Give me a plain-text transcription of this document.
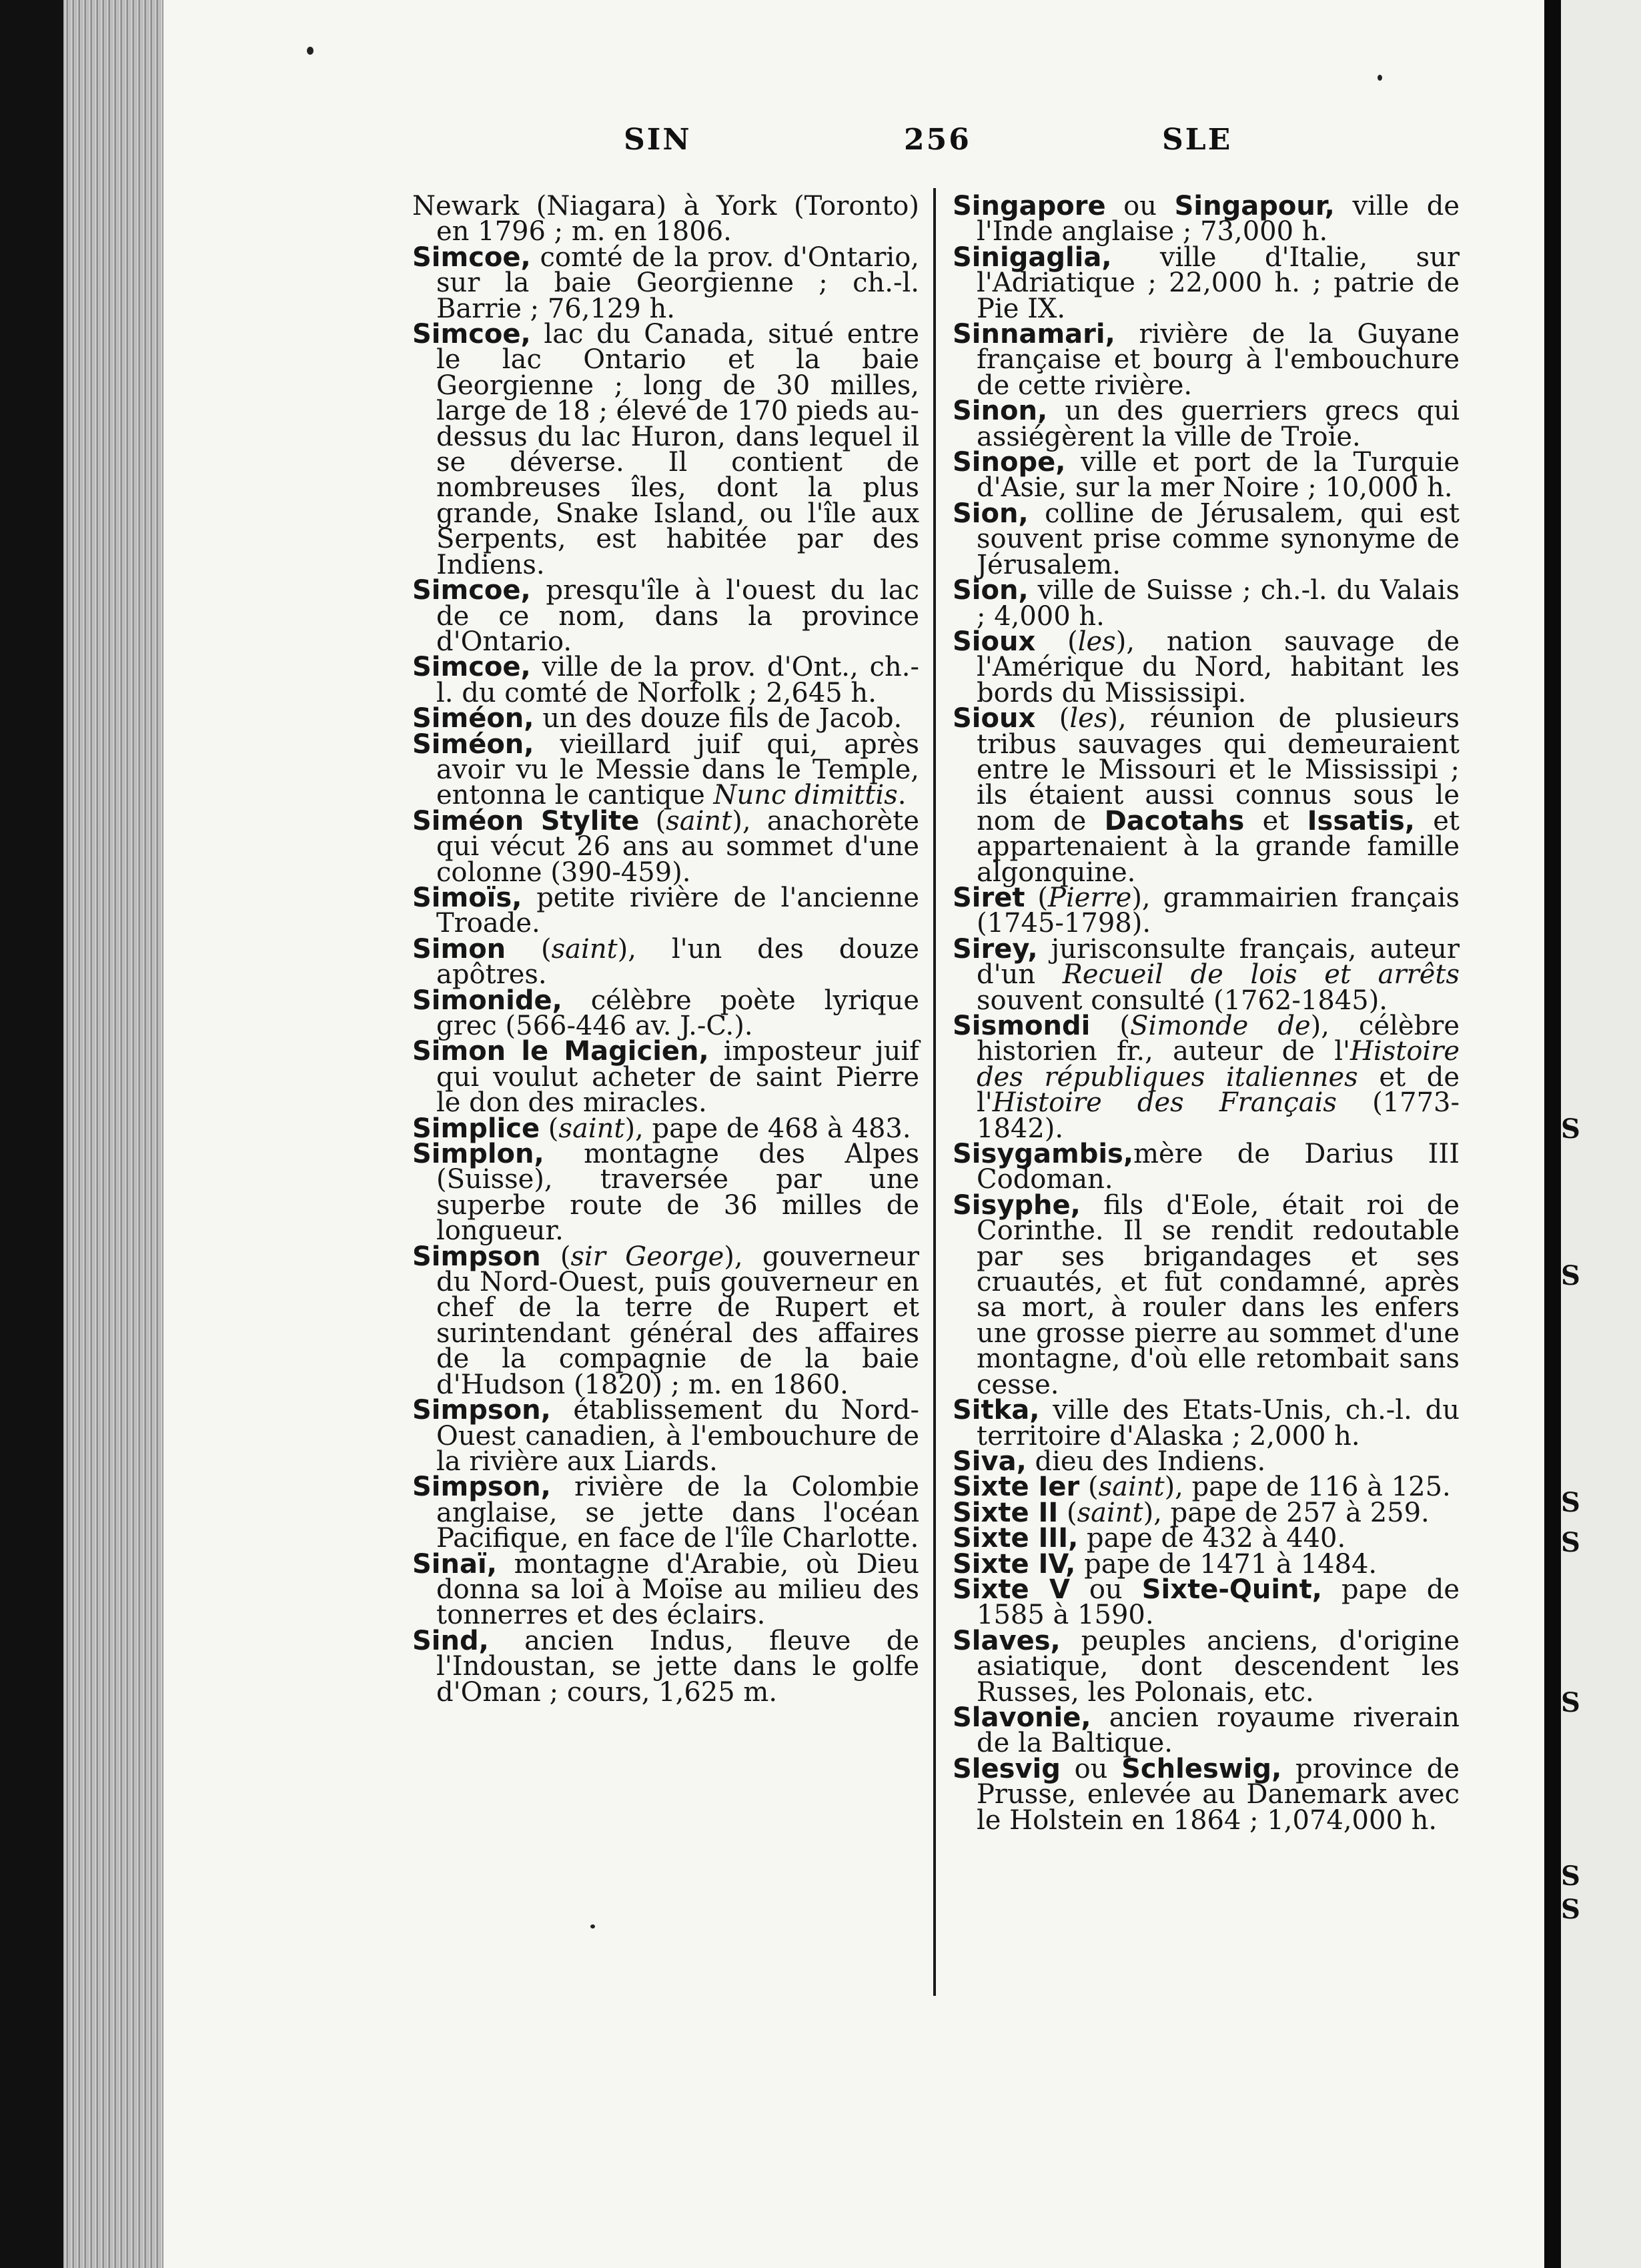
SIN	256	SLE

Newark (Niagara) à York (Toronto) en 1796 ; m. en 1806.

Simcoe, comté de la prov. d'Ontario, sur la baie Georgienne ; ch.-l. Barrie ; 76,129 h.

Simcoe, lac du Canada, situé entre le lac Ontario et la baie Georgienne ; long de 30 milles, large de 18 ; élevé de 170 pieds au-dessus du lac Huron, dans lequel il se déverse. Il contient de nombreuses îles, dont la plus grande, Snake Island, ou l'île aux Serpents, est habitée par des Indiens.

Simcoe, presqu'île à l'ouest du lac de ce nom, dans la province d'Ontario.

Simcoe, ville de la prov. d'Ont., ch.-l. du comté de Norfolk ; 2,645 h.

Siméon, un des douze fils de Jacob.

Siméon, vieillard juif qui, après avoir vu le Messie dans le Temple, entonna le cantique Nunc dimittis.

Siméon Stylite (saint), anachorète qui vécut 26 ans au sommet d'une colonne (390-459).

Simoïs, petite rivière de l'ancienne Troade.

Simon (saint), l'un des douze apôtres.

Simonide, célèbre poète lyrique grec (566-446 av. J.-C.).

Simon le Magicien, imposteur juif qui voulut acheter de saint Pierre le don des miracles.

Simplice (saint), pape de 468 à 483.

Simplon, montagne des Alpes (Suisse), traversée par une superbe route de 36 milles de longueur.

Simpson (sir George), gouverneur du Nord-Ouest, puis gouverneur en chef de la terre de Rupert et surintendant général des affaires de la compagnie de la baie d'Hudson (1820) ; m. en 1860.

Simpson, établissement du Nord-Ouest canadien, à l'embouchure de la rivière aux Liards.

Simpson, rivière de la Colombie anglaise, se jette dans l'océan Pacifique, en face de l'île Charlotte.

Sinaï, montagne d'Arabie, où Dieu donna sa loi à Moïse au milieu des tonnerres et des éclairs.

Sind, ancien Indus, fleuve de l'Indoustan, se jette dans le golfe d'Oman ; cours, 1,625 m.

Singapore ou Singapour, ville de l'Inde anglaise ; 73,000 h.

Sinigaglia, ville d'Italie, sur l'Adriatique ; 22,000 h. ; patrie de Pie IX.

Sinnamari, rivière de la Guyane française et bourg à l'embouchure de cette rivière.

Sinon, un des guerriers grecs qui assiégèrent la ville de Troie.

Sinope, ville et port de la Turquie d'Asie, sur la mer Noire ; 10,000 h.

Sion, colline de Jérusalem, qui est souvent prise comme synonyme de Jérusalem.

Sion, ville de Suisse ; ch.-l. du Valais ; 4,000 h.

Sioux (les), nation sauvage de l'Amérique du Nord, habitant les bords du Mississipi.

Sioux (les), réunion de plusieurs tribus sauvages qui demeuraient entre le Missouri et le Mississipi ; ils étaient aussi connus sous le nom de Dacotahs et Issatis, et appartenaient à la grande famille algonquine.

Siret (Pierre), grammairien français (1745-1798).

Sirey, jurisconsulte français, auteur d'un Recueil de lois et arrêts souvent consulté (1762-1845).

Sismondi (Simonde de), célèbre historien fr., auteur de l'Histoire des républiques italiennes et de l'Histoire des Français (1773-1842).

Sisygambis,mère de Darius III Codoman.

Sisyphe, fils d'Eole, était roi de Corinthe. Il se rendit redoutable par ses brigandages et ses cruautés, et fut condamné, après sa mort, à rouler dans les enfers une grosse pierre au sommet d'une montagne, d'où elle retombait sans cesse.

Sitka, ville des Etats-Unis, ch.-l. du territoire d'Alaska ; 2,000 h.

Siva, dieu des Indiens.

Sixte Ier (saint), pape de 116 à 125.

Sixte II (saint), pape de 257 à 259.

Sixte III, pape de 432 à 440.

Sixte IV, pape de 1471 à 1484.

Sixte V ou Sixte-Quint, pape de 1585 à 1590.

Slaves, peuples anciens, d'origine asiatique, dont descendent les Russes, les Polonais, etc.

Slavonie, ancien royaume riverain de la Baltique.

Slesvig ou Schleswig, province de Prusse, enlevée au Danemark avec le Holstein en 1864 ; 1,074,000 h.

S
S
S
S
S
S
S
